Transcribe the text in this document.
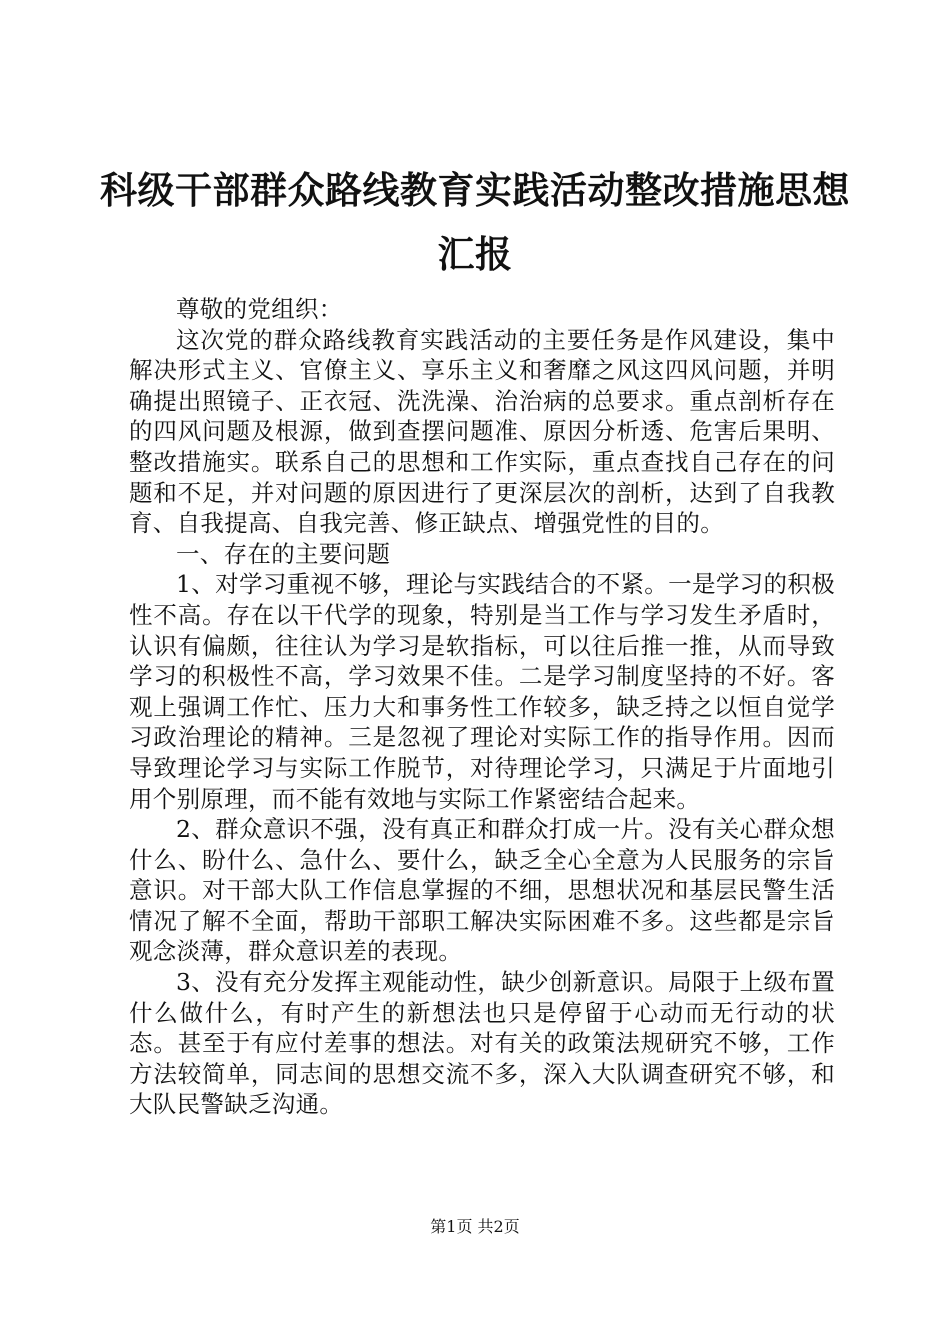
科级干部群众路线教育实践活动整改措施思想汇报

尊敬的党组织：

这次党的群众路线教育实践活动的主要任务是作风建设，集中解决形式主义、官僚主义、享乐主义和奢靡之风这四风问题，并明确提出照镜子、正衣冠、洗洗澡、治治病的总要求。重点剖析存在的四风问题及根源，做到查摆问题准、原因分析透、危害后果明、整改措施实。联系自己的思想和工作实际，重点查找自己存在的问题和不足，并对问题的原因进行了更深层次的剖析，达到了自我教育、自我提高、自我完善、修正缺点、增强党性的目的。

一、存在的主要问题

1、对学习重视不够，理论与实践结合的不紧。一是学习的积极性不高。存在以干代学的现象，特别是当工作与学习发生矛盾时，认识有偏颇，往往认为学习是软指标，可以往后推一推，从而导致学习的积极性不高，学习效果不佳。二是学习制度坚持的不好。客观上强调工作忙、压力大和事务性工作较多，缺乏持之以恒自觉学习政治理论的精神。三是忽视了理论对实际工作的指导作用。因而导致理论学习与实际工作脱节，对待理论学习，只满足于片面地引用个别原理，而不能有效地与实际工作紧密结合起来。

2、群众意识不强，没有真正和群众打成一片。没有关心群众想什么、盼什么、急什么、要什么，缺乏全心全意为人民服务的宗旨意识。对干部大队工作信息掌握的不细，思想状况和基层民警生活情况了解不全面，帮助干部职工解决实际困难不多。这些都是宗旨观念淡薄，群众意识差的表现。

3、没有充分发挥主观能动性，缺少创新意识。局限于上级布置什么做什么，有时产生的新想法也只是停留于心动而无行动的状态。甚至于有应付差事的想法。对有关的政策法规研究不够，工作方法较简单，同志间的思想交流不多，深入大队调查研究不够，和大队民警缺乏沟通。

第1页 共2页
